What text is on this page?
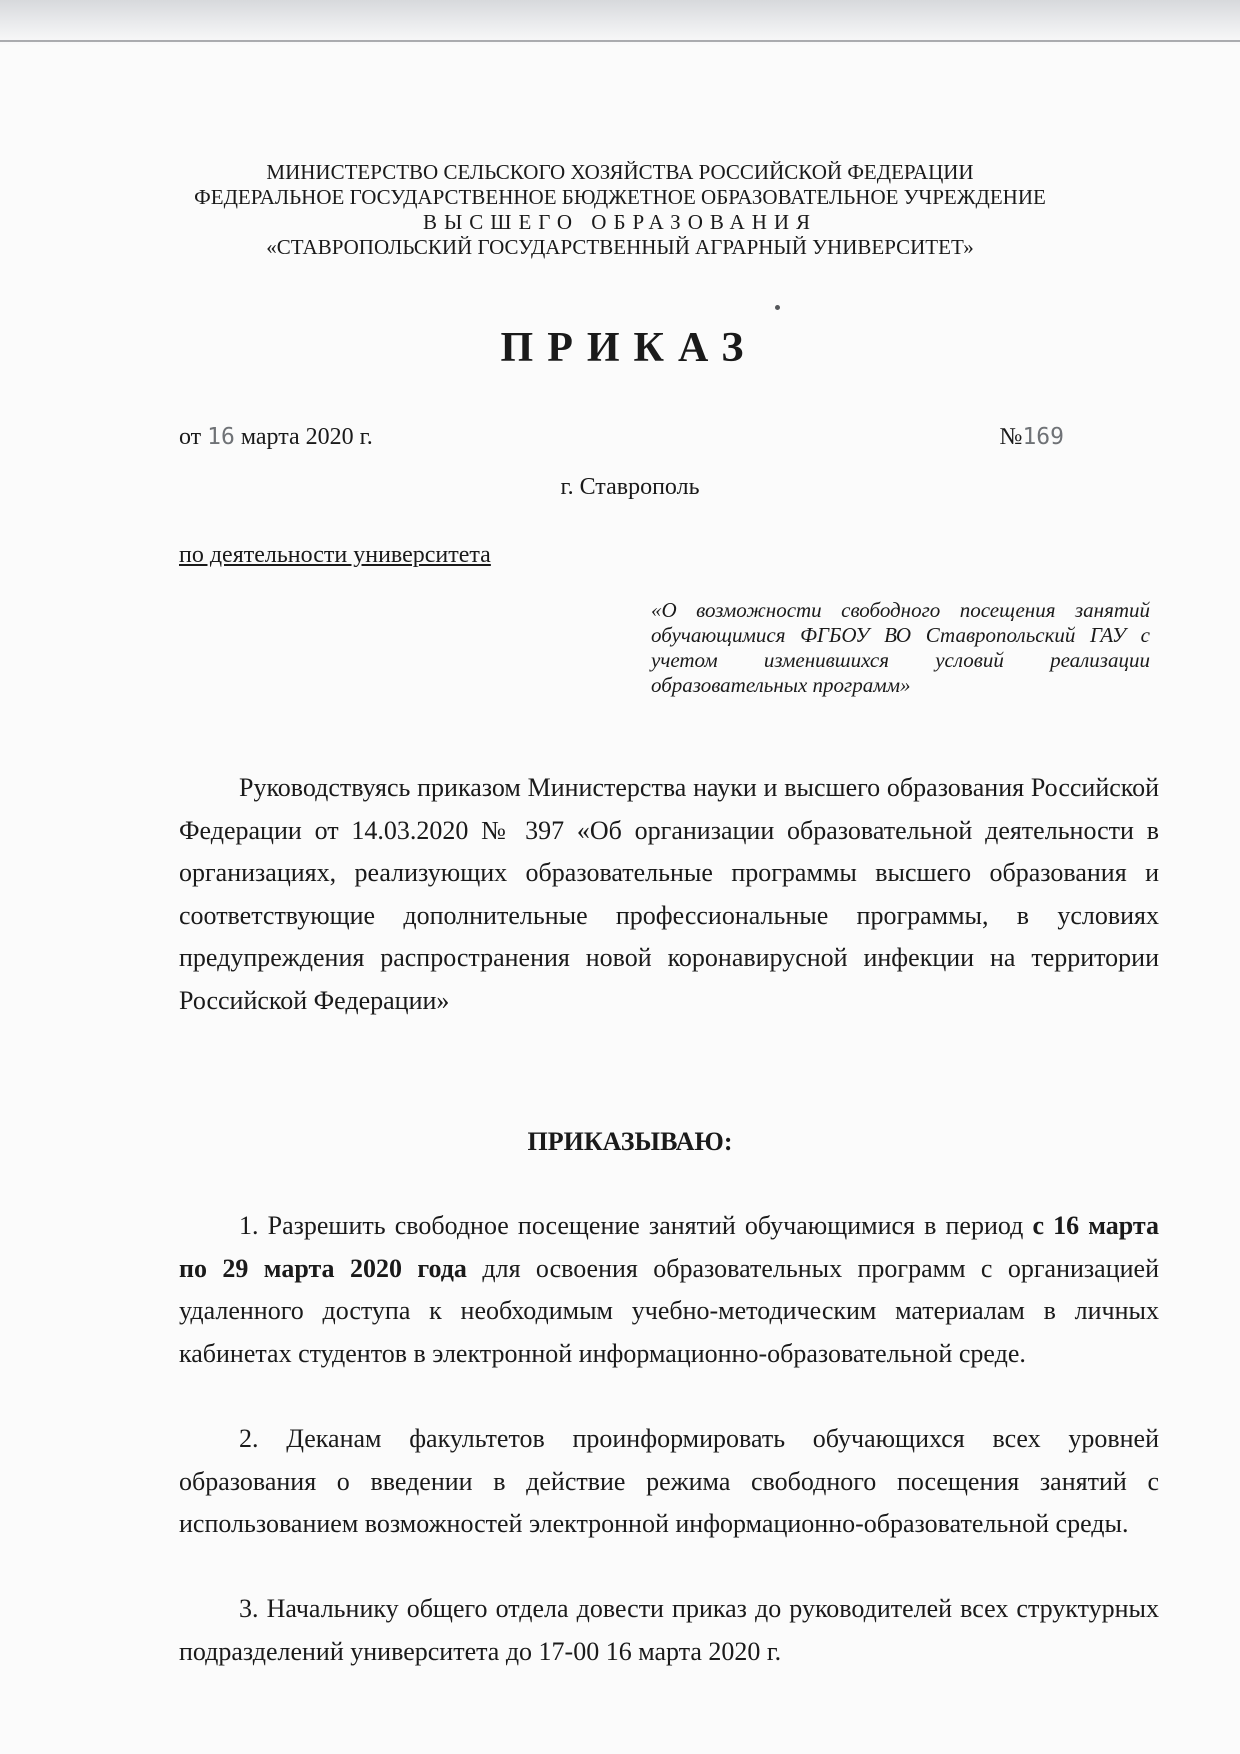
МИНИСТЕРСТВО СЕЛЬСКОГО ХОЗЯЙСТВА РОССИЙСКОЙ ФЕДЕРАЦИИ
ФЕДЕРАЛЬНОЕ ГОСУДАРСТВЕННОЕ БЮДЖЕТНОЕ ОБРАЗОВАТЕЛЬНОЕ УЧРЕЖДЕНИЕ
ВЫСШЕГО ОБРАЗОВАНИЯ
«СТАВРОПОЛЬСКИЙ ГОСУДАРСТВЕННЫЙ АГРАРНЫЙ УНИВЕРСИТЕТ»
ПРИКАЗ
от 16 марта 2020 г.	№169
г. Ставрополь
по деятельности университета
«О возможности свободного посещения занятий обучающимися ФГБОУ ВО Ставропольский ГАУ с учетом изменившихся условий реализации образовательных программ»

Руководствуясь приказом Министерства науки и высшего образования Российской Федерации от 14.03.2020 № 397 «Об организации образовательной деятельности в организациях, реализующих образовательные программы высшего образования и соответствующие дополнительные профессиональные программы, в условиях предупреждения распространения новой коронавирусной инфекции на территории Российской Федерации»

ПРИКАЗЫВАЮ:

1. Разрешить свободное посещение занятий обучающимися в период с 16 марта по 29 марта 2020 года для освоения образовательных программ с организацией удаленного доступа к необходимым учебно-методическим материалам в личных кабинетах студентов в электронной информационно-образовательной среде.

2. Деканам факультетов проинформировать обучающихся всех уровней образования о введении в действие режима свободного посещения занятий с использованием возможностей электронной информационно-образовательной среды.

3. Начальнику общего отдела довести приказ до руководителей всех структурных подразделений университета до 17-00 16 марта 2020 г.
